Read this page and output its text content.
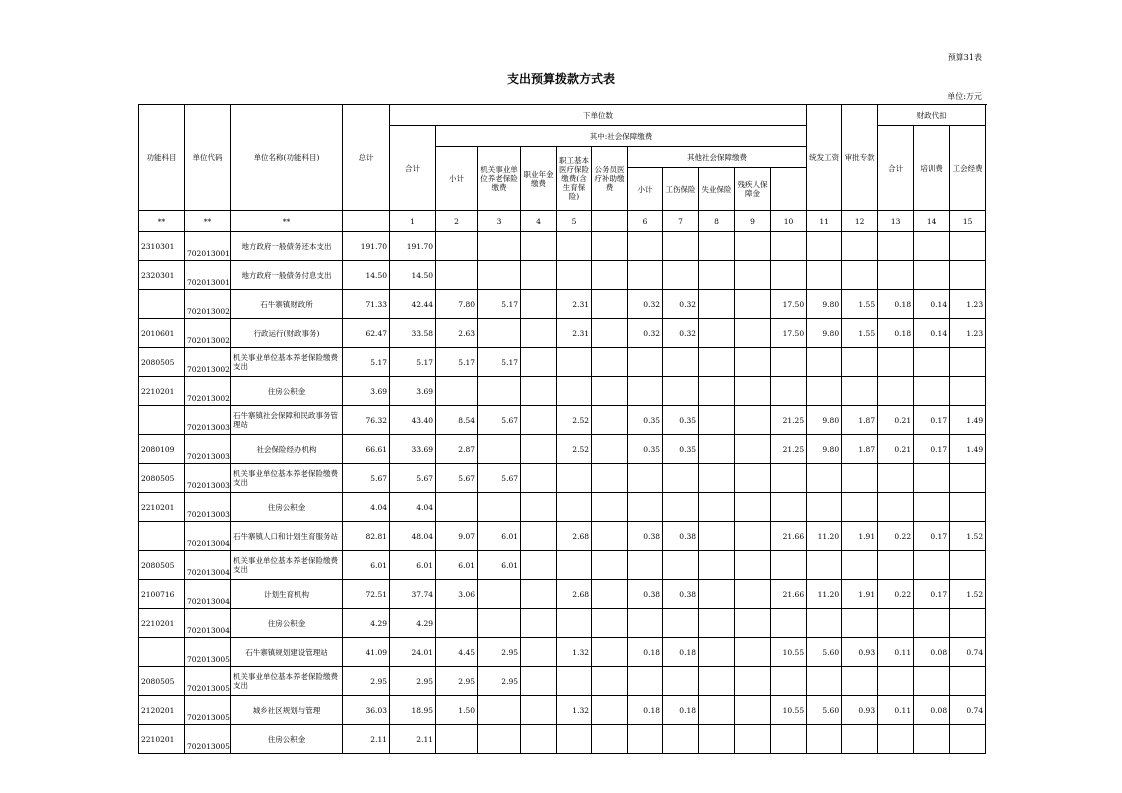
预算31表
支出预算拨款方式表
单位:万元
功能科目	单位代码	单位名称(功能科目)	总计	下单位数											统发工资	审批专款	财政代扣			
				合计	其中:社会保障缴费												合计	培训费	工会经费	
					小计	机关事业单位养老保险缴费	职业年金缴费	职工基本医疗保险缴费(含生育保险)	公务员医疗补助缴费	其他社会保障缴费										
										小计	工伤保险	失业保险	残疾人保障金							
**	**	**		1	2	3	4	5		6	7	8	9	10	11	12	13	14	15	
2310301	702013001	地方政府一般债务还本支出	191.70	191.70																
2320301	702013001	地方政府一般债务付息支出	14.50	14.50																
	702013002	石牛寨镇财政所	71.33	42.44	7.80	5.17		2.31		0.32	0.32			17.50	9.80	1.55	0.18	0.14	1.23	
2010601	702013002	行政运行(财政事务)	62.47	33.58	2.63			2.31		0.32	0.32			17.50	9.80	1.55	0.18	0.14	1.23	
2080505	702013002	机关事业单位基本养老保险缴费支出	5.17	5.17	5.17	5.17														
2210201	702013002	住房公积金	3.69	3.69																
	702013003	石牛寨镇社会保障和民政事务管理站	76.32	43.40	8.54	5.67		2.52		0.35	0.35			21.25	9.80	1.87	0.21	0.17	1.49	
2080109	702013003	社会保险经办机构	66.61	33.69	2.87			2.52		0.35	0.35			21.25	9.80	1.87	0.21	0.17	1.49	
2080505	702013003	机关事业单位基本养老保险缴费支出	5.67	5.67	5.67	5.67														
2210201	702013003	住房公积金	4.04	4.04																
	702013004	石牛寨镇人口和计划生育服务站	82.81	48.04	9.07	6.01		2.68		0.38	0.38			21.66	11.20	1.91	0.22	0.17	1.52	
2080505	702013004	机关事业单位基本养老保险缴费支出	6.01	6.01	6.01	6.01														
2100716	702013004	计划生育机构	72.51	37.74	3.06			2.68		0.38	0.38			21.66	11.20	1.91	0.22	0.17	1.52	
2210201	702013004	住房公积金	4.29	4.29																
	702013005	石牛寨镇规划建设管理站	41.09	24.01	4.45	2.95		1.32		0.18	0.18			10.55	5.60	0.93	0.11	0.08	0.74	
2080505	702013005	机关事业单位基本养老保险缴费支出	2.95	2.95	2.95	2.95														
2120201	702013005	城乡社区规划与管理	36.03	18.95	1.50			1.32		0.18	0.18			10.55	5.60	0.93	0.11	0.08	0.74	
2210201	702013005	住房公积金	2.11	2.11																
